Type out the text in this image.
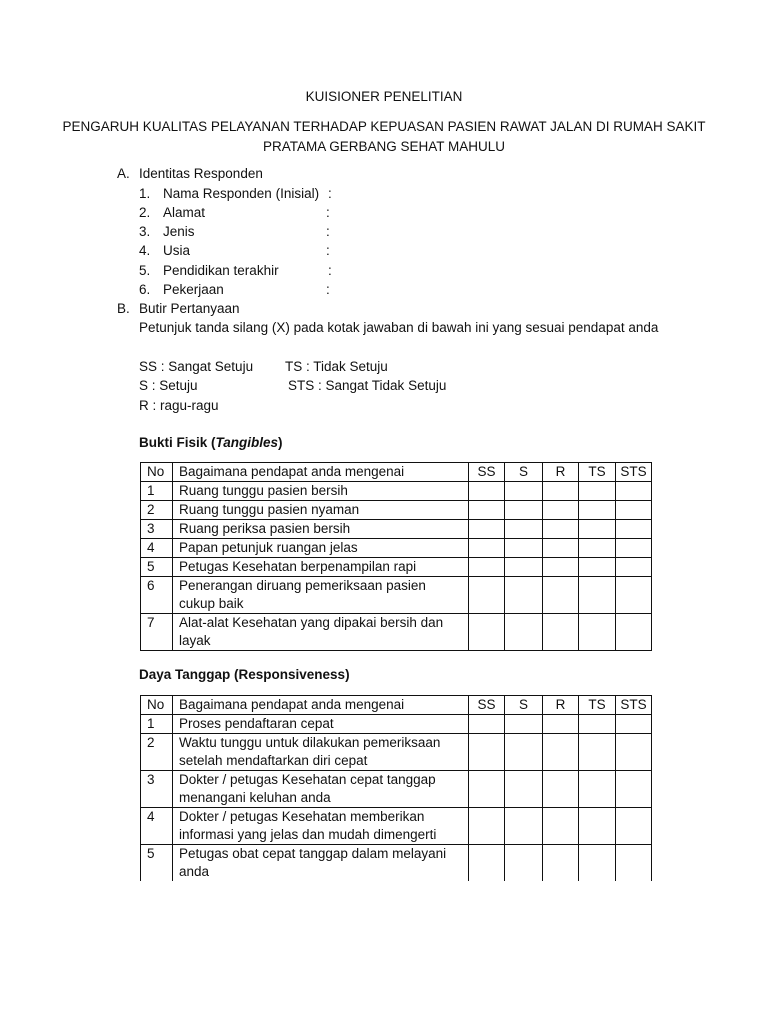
KUISIONER PENELITIAN
PENGARUH KUALITAS PELAYANAN TERHADAP KEPUASAN PASIEN RAWAT JALAN DI RUMAH SAKIT PRATAMA GERBANG SEHAT MAHULU
A. Identitas Responden
1. Nama Responden (Inisial) :
2. Alamat	:
3. Jenis	:
4. Usia	:
5. Pendidikan terakhir	:
6. Pekerjaan	:
B. Butir Pertanyaan
Petunjuk tanda silang (X) pada kotak jawaban di bawah ini yang sesuai pendapat anda
SS : Sangat Setuju TS : Tidak Setuju
S : Setuju	STS : Sangat Tidak Setuju
R : ragu-ragu
Bukti Fisik (Tangibles)
No	Bagaimana pendapat anda mengenai	SS	S	R	TS	STS
1	Ruang tunggu pasien bersih					
2	Ruang tunggu pasien nyaman					
3	Ruang periksa pasien bersih					
4	Papan petunjuk ruangan jelas					
5	Petugas Kesehatan berpenampilan rapi					
6	Penerangan diruang pemeriksaan pasien cukup baik					
7	Alat-alat Kesehatan yang dipakai bersih dan layak					
Daya Tanggap (Responsiveness)
No	Bagaimana pendapat anda mengenai	SS	S	R	TS	STS
1	Proses pendaftaran cepat					
2	Waktu tunggu untuk dilakukan pemeriksaan setelah mendaftarkan diri cepat					
3	Dokter / petugas Kesehatan cepat tanggap menangani keluhan anda					
4	Dokter / petugas Kesehatan memberikan informasi yang jelas dan mudah dimengerti					
5	Petugas obat cepat tanggap dalam melayani anda					
